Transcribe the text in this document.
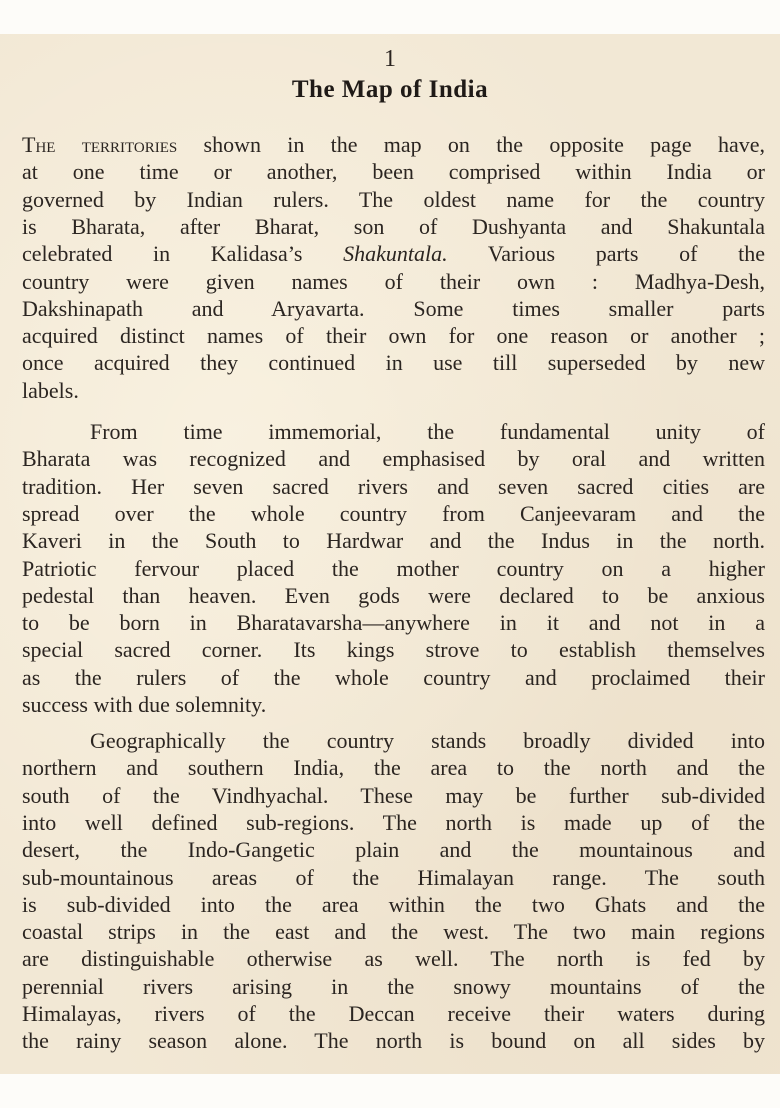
1
The Map of India
The territories shown in the map on the opposite page have,
at one time or another, been comprised within India or
governed by Indian rulers. The oldest name for the country
is Bharata, after Bharat, son of Dushyanta and Shakuntala
celebrated in Kalidasa’s Shakuntala. Various parts of the
country were given names of their own : Madhya-Desh,
Dakshinapath and Aryavarta. Some times smaller parts
acquired distinct names of their own for one reason or another ;
once acquired they continued in use till superseded by new
labels.
From time immemorial, the fundamental unity of
Bharata was recognized and emphasised by oral and written
tradition. Her seven sacred rivers and seven sacred cities are
spread over the whole country from Canjeevaram and the
Kaveri in the South to Hardwar and the Indus in the north.
Patriotic fervour placed the mother country on a higher
pedestal than heaven. Even gods were declared to be anxious
to be born in Bharatavarsha—anywhere in it and not in a
special sacred corner. Its kings strove to establish themselves
as the rulers of the whole country and proclaimed their
success with due solemnity.
Geographically the country stands broadly divided into
northern and southern India, the area to the north and the
south of the Vindhyachal. These may be further sub-divided
into well defined sub-regions. The north is made up of the
desert, the Indo-Gangetic plain and the mountainous and
sub-mountainous areas of the Himalayan range. The south
is sub-divided into the area within the two Ghats and the
coastal strips in the east and the west. The two main regions
are distinguishable otherwise as well. The north is fed by
perennial rivers arising in the snowy mountains of the
Himalayas, rivers of the Deccan receive their waters during
the rainy season alone. The north is bound on all sides by
